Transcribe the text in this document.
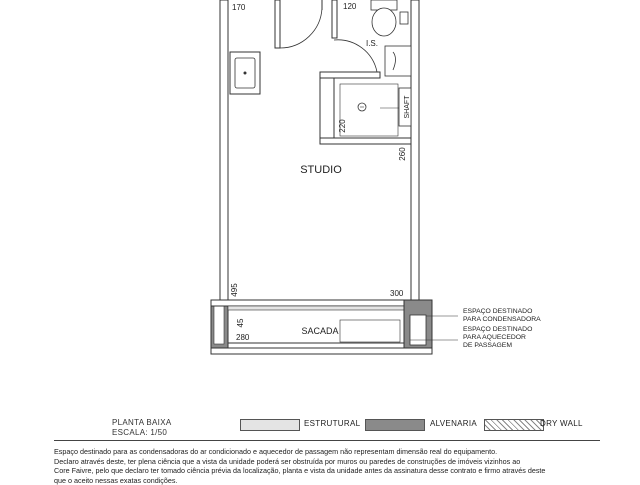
STUDIO
SACADA
I.S.
SHAFT
170	120
220
260
495	300
45
280
ESPAÇO DESTINADO
PARA CONDENSADORA
ESPAÇO DESTINADO
PARA AQUECEDOR
DE PASSAGEM
PLANTA BAIXA
ESCALA: 1/50
ESTRUTURAL	ALVENARIA	DRY WALL

Espaço destinado para as condensadoras do ar condicionado e aquecedor de passagem não representam dimensão real do equipamento.

Declaro através deste, ter plena ciência que a vista da unidade poderá ser obstruída por muros ou paredes de construções de imóveis vizinhos ao

Core Faivre, pelo que declaro ter tomado ciência prévia da localização, planta e vista da unidade antes da assinatura desse contrato e firmo através deste

que o aceito nessas exatas condições.
